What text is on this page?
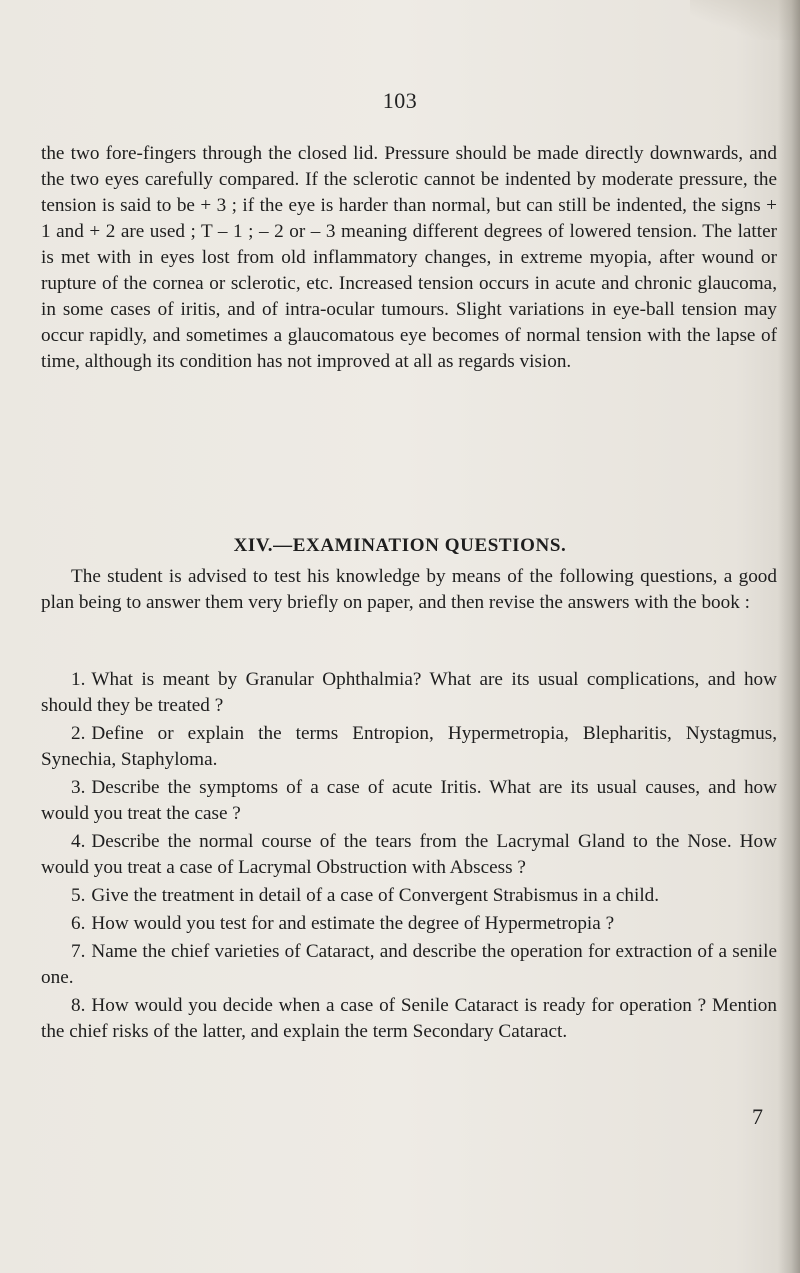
103

the two fore-fingers through the closed lid. Pressure should be made directly downwards, and the two eyes carefully compared. If the sclerotic cannot be indented by moderate pressure, the tension is said to be + 3 ; if the eye is harder than normal, but can still be indented, the signs + 1 and + 2 are used ; T – 1 ; – 2 or – 3 meaning different degrees of lowered tension. The latter is met with in eyes lost from old inflammatory changes, in extreme myopia, after wound or rupture of the cornea or sclerotic, etc. Increased tension occurs in acute and chronic glaucoma, in some cases of iritis, and of intra-ocular tumours. Slight variations in eye-ball tension may occur rapidly, and sometimes a glaucomatous eye becomes of normal tension with the lapse of time, although its condition has not improved at all as regards vision.

XIV.—EXAMINATION QUESTIONS.

The student is advised to test his knowledge by means of the following questions, a good plan being to answer them very briefly on paper, and then revise the answers with the book :

1. What is meant by Granular Ophthalmia? What are its usual complications, and how should they be treated ?
2. Define or explain the terms Entropion, Hypermetropia, Blepharitis, Nystagmus, Synechia, Staphyloma.
3. Describe the symptoms of a case of acute Iritis. What are its usual causes, and how would you treat the case ?
4. Describe the normal course of the tears from the Lacrymal Gland to the Nose. How would you treat a case of Lacrymal Obstruction with Abscess ?
5. Give the treatment in detail of a case of Convergent Strabismus in a child.
6. How would you test for and estimate the degree of Hypermetropia ?
7. Name the chief varieties of Cataract, and describe the operation for extraction of a senile one.
8. How would you decide when a case of Senile Cataract is ready for operation ? Mention the chief risks of the latter, and explain the term Secondary Cataract.
7
